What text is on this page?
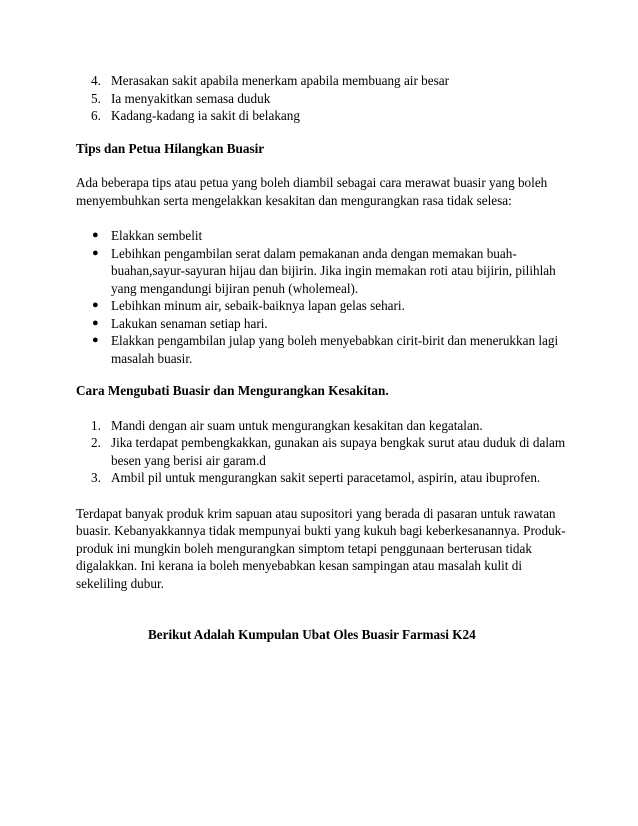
4. Merasakan sakit apabila menerkam apabila membuang air besar
5. Ia menyakitkan semasa duduk
6. Kadang-kadang ia sakit di belakang

Tips dan Petua Hilangkan Buasir

Ada beberapa tips atau petua yang boleh diambil sebagai cara merawat buasir yang boleh menyembuhkan serta mengelakkan kesakitan dan mengurangkan rasa tidak selesa:

● Elakkan sembelit
● Lebihkan pengambilan serat dalam pemakanan anda dengan memakan buah-buahan,sayur-sayuran hijau dan bijirin. Jika ingin memakan roti atau bijirin, pilihlah yang mengandungi bijiran penuh (wholemeal).
● Lebihkan minum air, sebaik-baiknya lapan gelas sehari.
● Lakukan senaman setiap hari.
● Elakkan pengambilan julap yang boleh menyebabkan cirit-birit dan menerukkan lagi masalah buasir.

Cara Mengubati Buasir dan Mengurangkan Kesakitan.

1. Mandi dengan air suam untuk mengurangkan kesakitan dan kegatalan.
2. Jika terdapat pembengkakkan, gunakan ais supaya bengkak surut atau duduk di dalam besen yang berisi air garam.d
3. Ambil pil untuk mengurangkan sakit seperti paracetamol, aspirin, atau ibuprofen.

Terdapat banyak produk krim sapuan atau supositori yang berada di pasaran untuk rawatan buasir. Kebanyakkannya tidak mempunyai bukti yang kukuh bagi keberkesanannya. Produk-produk ini mungkin boleh mengurangkan simptom tetapi penggunaan berterusan tidak digalakkan. Ini kerana ia boleh menyebabkan kesan sampingan atau masalah kulit di sekeliling dubur.

Berikut Adalah Kumpulan Ubat Oles Buasir Farmasi K24
